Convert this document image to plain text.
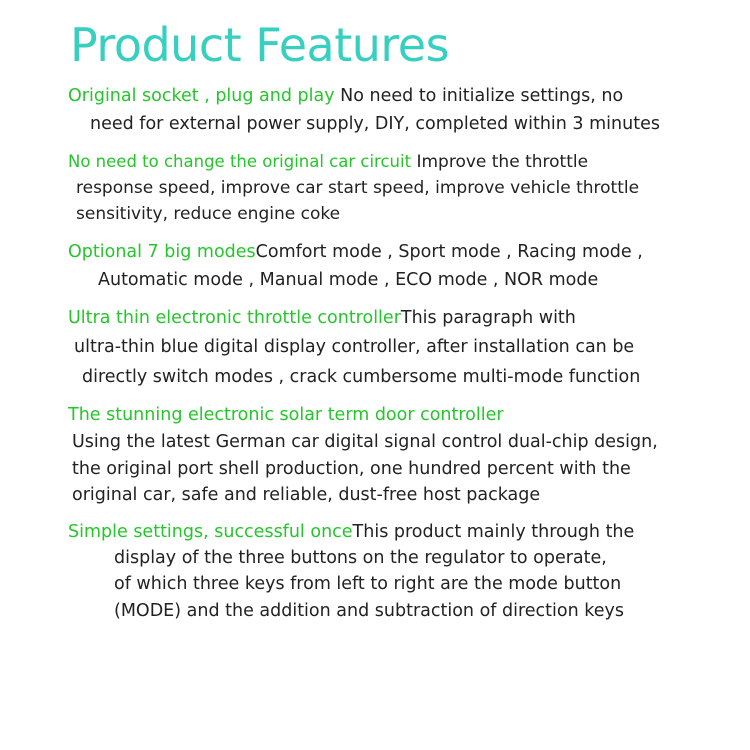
Product Features

Original socket , plug and play No need to initialize settings, no

need for external power supply, DIY, completed within 3 minutes

No need to change the original car circuit Improve the throttle

response speed, improve car start speed, improve vehicle throttle

sensitivity, reduce engine coke

Optional 7 big modesComfort mode , Sport mode , Racing mode ,

Automatic mode , Manual mode , ECO mode , NOR mode

Ultra thin electronic throttle controllerThis paragraph with

ultra-thin blue digital display controller, after installation can be

directly switch modes , crack cumbersome multi-mode function

The stunning electronic solar term door controller

Using the latest German car digital signal control dual-chip design,

the original port shell production, one hundred percent with the

original car, safe and reliable, dust-free host package

Simple settings, successful onceThis product mainly through the

display of the three buttons on the regulator to operate,

of which three keys from left to right are the mode button

(MODE) and the addition and subtraction of direction keys
